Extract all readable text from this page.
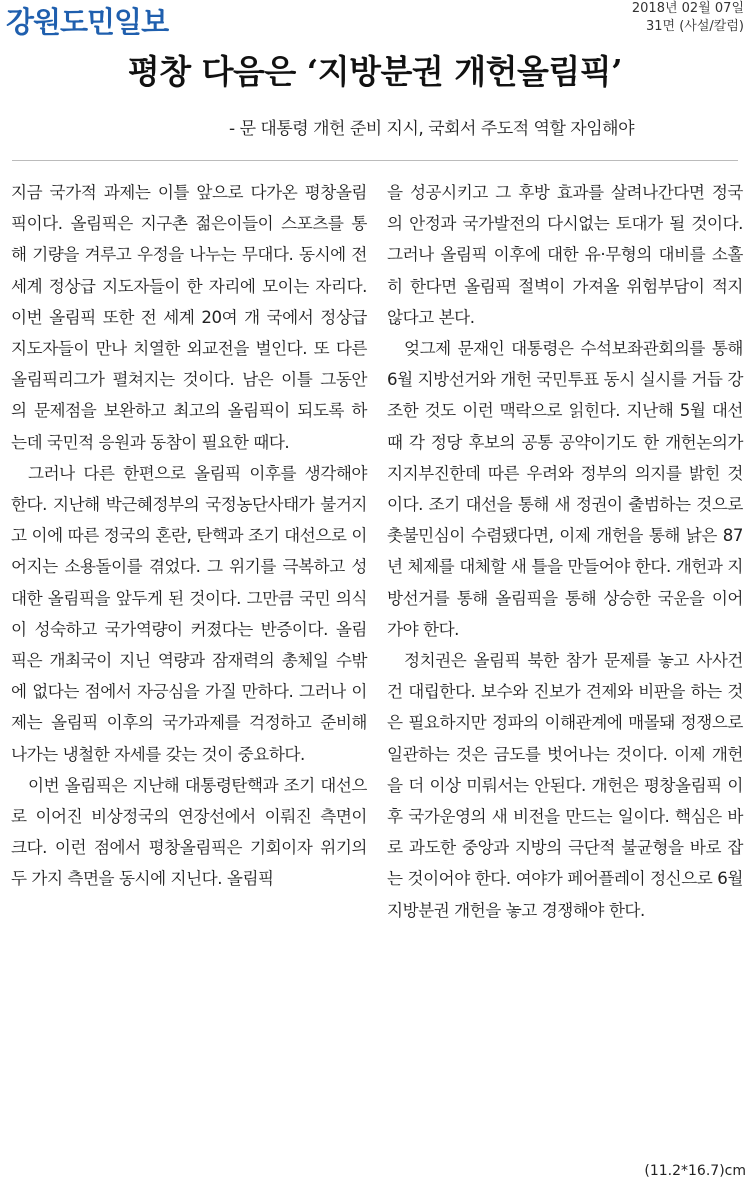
강원도민일보	2018년 02월 07일
31면 (사설/칼럼)
평창 다음은 ‘지방분권 개헌올림픽’
- 문 대통령 개헌 준비 지시, 국회서 주도적 역할 자임해야

지금 국가적 과제는 이틀 앞으로 다가온 평창올림픽이다. 올림픽은 지구촌 젊은이들이 스포츠를 통해 기량을 겨루고 우정을 나누는 무대다. 동시에 전 세계 정상급 지도자들이 한 자리에 모이는 자리다. 이번 올림픽 또한 전 세계 20여 개 국에서 정상급 지도자들이 만나 치열한 외교전을 벌인다. 또 다른 올림픽리그가 펼쳐지는 것이다. 남은 이틀 그동안의 문제점을 보완하고 최고의 올림픽이 되도록 하는데 국민적 응원과 동참이 필요한 때다.

그러나 다른 한편으로 올림픽 이후를 생각해야 한다. 지난해 박근혜정부의 국정농단사태가 불거지고 이에 따른 정국의 혼란, 탄핵과 조기 대선으로 이어지는 소용돌이를 겪었다. 그 위기를 극복하고 성대한 올림픽을 앞두게 된 것이다. 그만큼 국민 의식이 성숙하고 국가역량이 커졌다는 반증이다. 올림픽은 개최국이 지닌 역량과 잠재력의 총체일 수밖에 없다는 점에서 자긍심을 가질 만하다. 그러나 이제는 올림픽 이후의 국가과제를 걱정하고 준비해 나가는 냉철한 자세를 갖는 것이 중요하다.

이번 올림픽은 지난해 대통령탄핵과 조기 대선으로 이어진 비상정국의 연장선에서 이뤄진 측면이 크다. 이런 점에서 평창올림픽은 기회이자 위기의 두 가지 측면을 동시에 지닌다. 올림픽

을 성공시키고 그 후방 효과를 살려나간다면 정국의 안정과 국가발전의 다시없는 토대가 될 것이다. 그러나 올림픽 이후에 대한 유·무형의 대비를 소홀히 한다면 올림픽 절벽이 가져올 위험부담이 적지 않다고 본다.

엊그제 문재인 대통령은 수석보좌관회의를 통해 6월 지방선거와 개헌 국민투표 동시 실시를 거듭 강조한 것도 이런 맥락으로 읽힌다. 지난해 5월 대선 때 각 정당 후보의 공통 공약이기도 한 개헌논의가 지지부진한데 따른 우려와 정부의 의지를 밝힌 것이다. 조기 대선을 통해 새 정권이 출범하는 것으로 촛불민심이 수렴됐다면, 이제 개헌을 통해 낡은 87년 체제를 대체할 새 틀을 만들어야 한다. 개헌과 지방선거를 통해 올림픽을 통해 상승한 국운을 이어가야 한다.

정치권은 올림픽 북한 참가 문제를 놓고 사사건건 대립한다. 보수와 진보가 견제와 비판을 하는 것은 필요하지만 정파의 이해관계에 매몰돼 정쟁으로 일관하는 것은 금도를 벗어나는 것이다. 이제 개헌을 더 이상 미뤄서는 안된다. 개헌은 평창올림픽 이후 국가운영의 새 비전을 만드는 일이다. 핵심은 바로 과도한 중앙과 지방의 극단적 불균형을 바로 잡는 것이어야 한다. 여야가 페어플레이 정신으로 6월 지방분권 개헌을 놓고 경쟁해야 한다.

(11.2*16.7)cm
